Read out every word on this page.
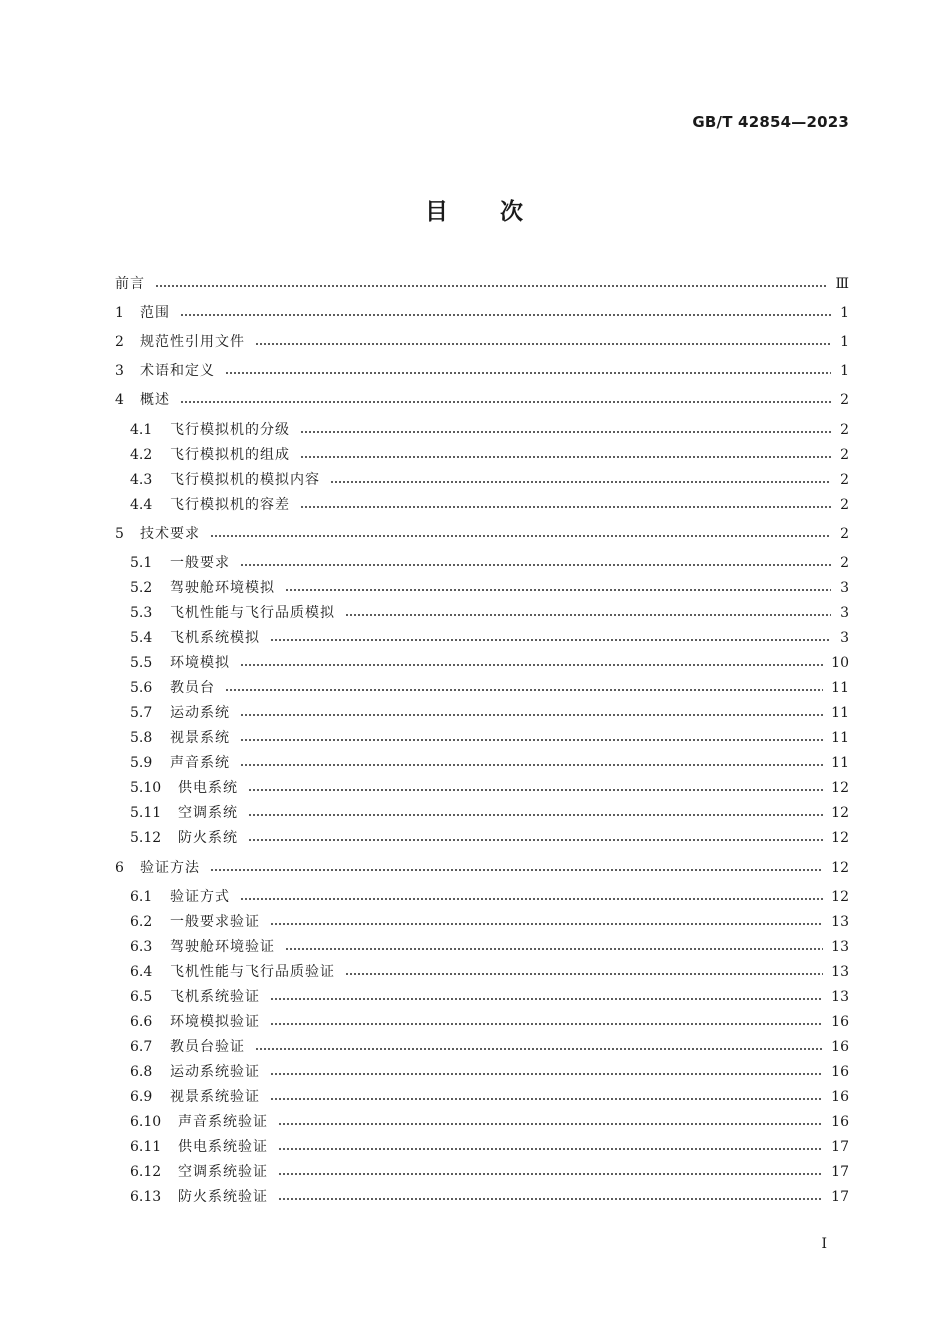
GB/T 42854—2023
目 次
前言	Ⅲ
1	范围	1
2	规范性引用文件	1
3	术语和定义	1
4	概述	2
4.1	飞行模拟机的分级	2
4.2	飞行模拟机的组成	2
4.3	飞行模拟机的模拟内容	2
4.4	飞行模拟机的容差	2
5	技术要求	2
5.1	一般要求	2
5.2	驾驶舱环境模拟	3
5.3	飞机性能与飞行品质模拟	3
5.4	飞机系统模拟	3
5.5	环境模拟	10
5.6	教员台	11
5.7	运动系统	11
5.8	视景系统	11
5.9	声音系统	11
5.10	供电系统	12
5.11	空调系统	12
5.12	防火系统	12
6	验证方法	12
6.1	验证方式	12
6.2	一般要求验证	13
6.3	驾驶舱环境验证	13
6.4	飞机性能与飞行品质验证	13
6.5	飞机系统验证	13
6.6	环境模拟验证	16
6.7	教员台验证	16
6.8	运动系统验证	16
6.9	视景系统验证	16
6.10	声音系统验证	16
6.11	供电系统验证	17
6.12	空调系统验证	17
6.13	防火系统验证	17
I
